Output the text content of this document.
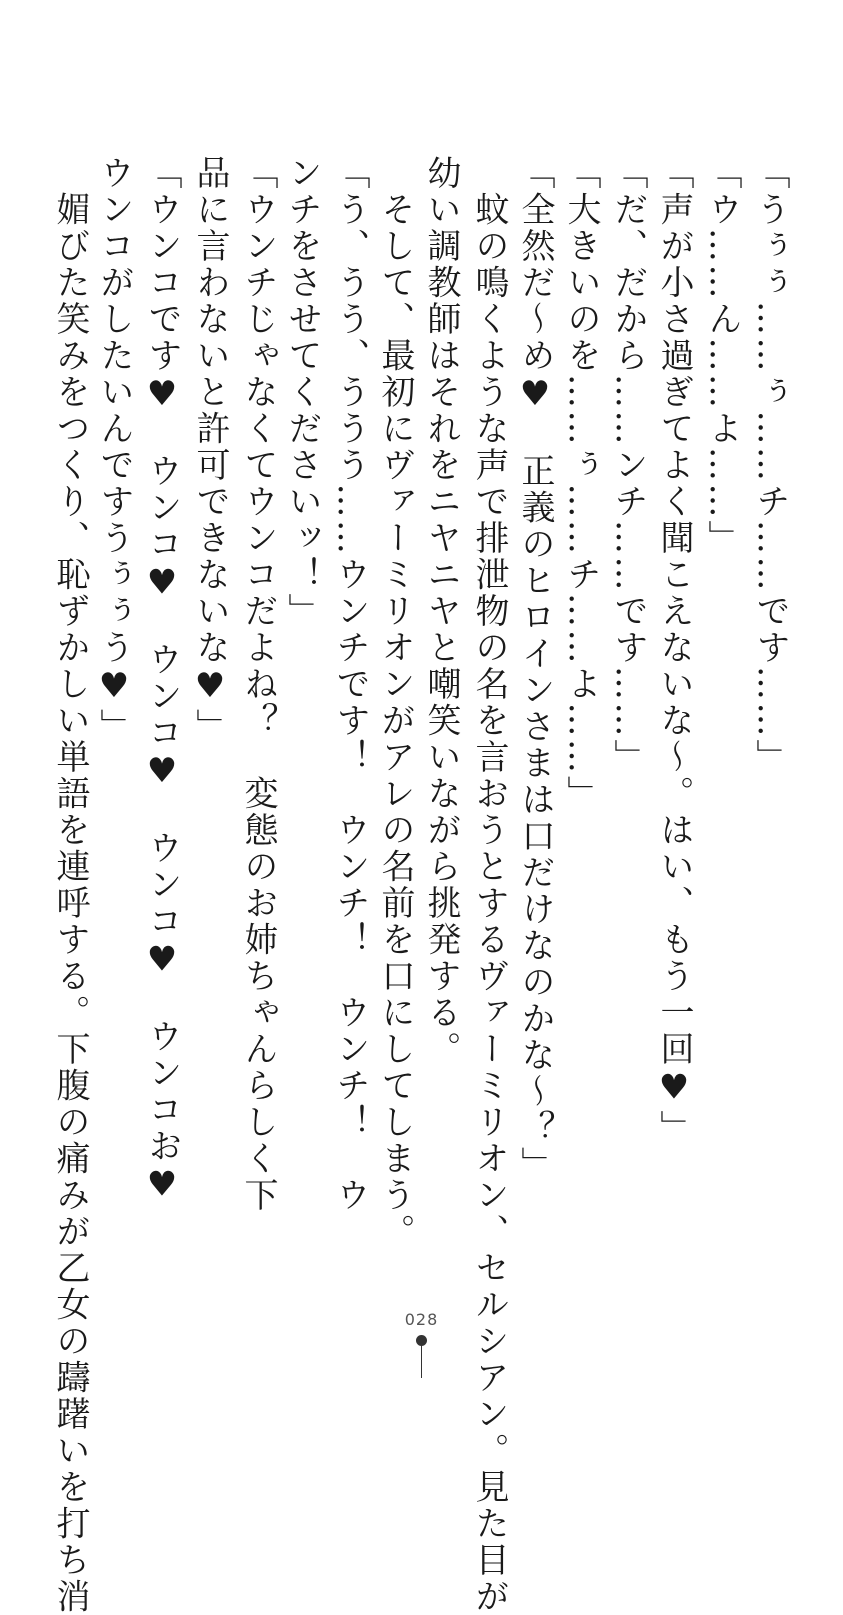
「うぅぅ……ぅ……チ……です……」
「ウ……ん……よ……」
「声が小さ過ぎてよく聞こえないな〜。はい、もう一回♥」
「だ、だから……ンチ……です……」
「大きいのを……ぅ……チ……よ……」
「全然だ〜め♥　正義のヒロインさまは口だけなのかな〜？」
　蚊の鳴くような声で排泄物の名を言おうとするヴァーミリオン、セルシアン。見た目が
幼い調教師はそれをニヤニヤと嘲笑いながら挑発する。
　そして、最初にヴァーミリオンがアレの名前を口にしてしまう。
「う、うう、ううう……ウンチです！　ウンチ！　ウンチ！　ウンチをさせてくださいッ！」
「ウンチじゃなくてウンコだよね？　変態のお姉ちゃんらしく下品に言わないと許可できないな♥」
「ウンコです♥　ウンコ♥　ウンコ♥　ウンコ♥　ウンコお♥　ウンコがしたいんですうぅぅう♥」
　媚びた笑みをつくり、恥ずかしい単語を連呼する。下腹の痛みが乙女の躊躇いを打ち消	028
